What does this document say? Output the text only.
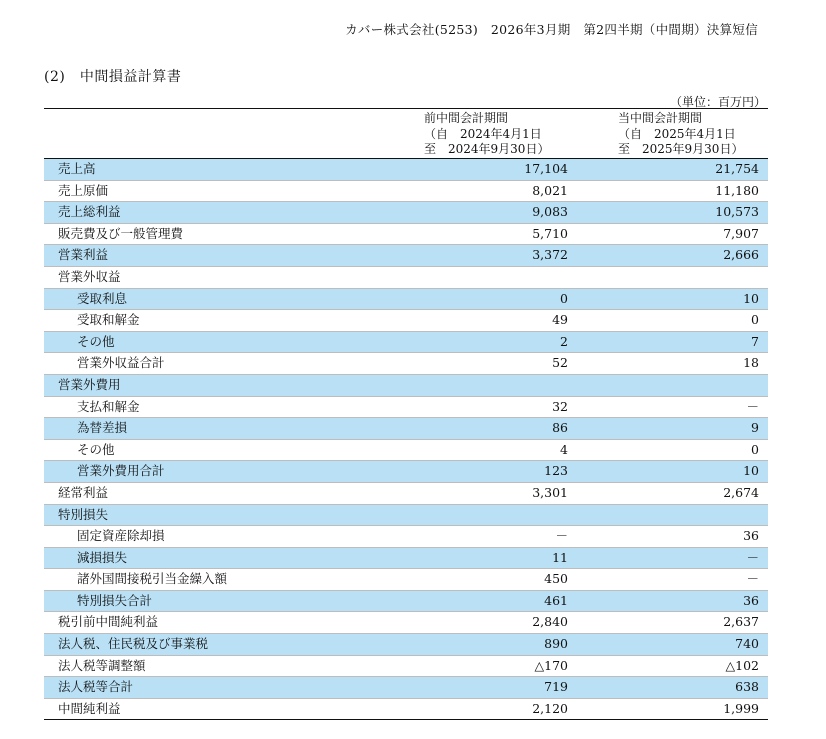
カバー株式会社(5253)　2026年3月期　第2四半期（中間期）決算短信
(2)　中間損益計算書
（単位：百万円）
前中間会計期間
（自　2024年4月1日
至　2024年9月30日）
当中間会計期間
（自　2025年4月1日
至　2025年9月30日）
売上高	17,104	21,754
売上原価	8,021	11,180
売上総利益	9,083	10,573
販売費及び一般管理費	5,710	7,907
営業利益	3,372	2,666
営業外収益
受取利息	0	10
受取和解金	49	0
その他	2	7
営業外収益合計	52	18
営業外費用
支払和解金	32	－
為替差損	86	9
その他	4	0
営業外費用合計	123	10
経常利益	3,301	2,674
特別損失
固定資産除却損	－	36
減損損失	11	－
諸外国間接税引当金繰入額	450	－
特別損失合計	461	36
税引前中間純利益	2,840	2,637
法人税、住民税及び事業税	890	740
法人税等調整額	△170	△102
法人税等合計	719	638
中間純利益	2,120	1,999
